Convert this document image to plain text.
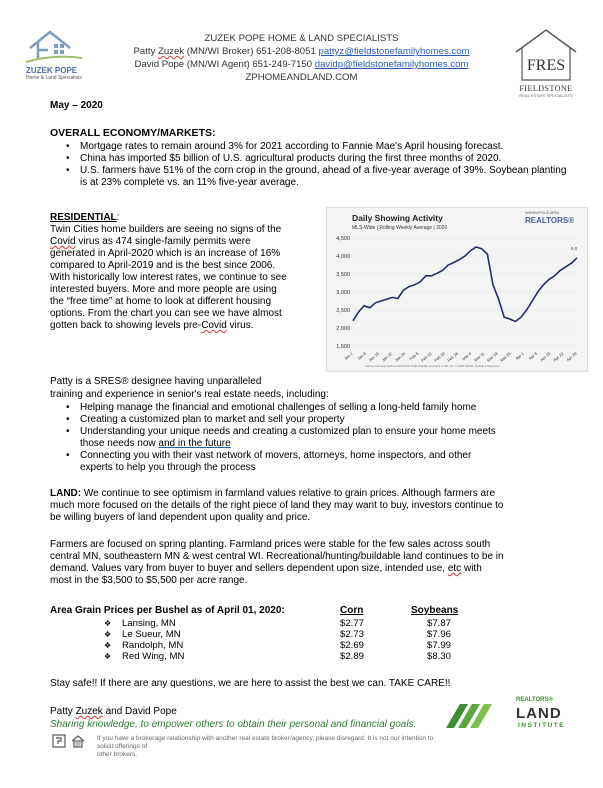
ZUZEK POPE HOME & LAND SPECIALISTS
Patty Zuzek (MN/WI Broker) 651-208-8051 pattyz@fieldstonefamilyhomes.com
David Pope (MN/WI Agent) 651-249-7150 davidp@fieldstonefamilyhomes.com
ZPHOMEANDLAND.COM
ZUZEK POPE
Home & Land Specialists
FRES
FIELDSTONE
REAL ESTATE SPECIALISTS
May – 2020
OVERALL ECONOMY/MARKETS:
• Mortgage rates to remain around 3% for 2021 according to Fannie Mae's April housing forecast.
• China has imported $5 billion of U.S. agricultural products during the first three months of 2020.
• U.S. farmers have 51% of the corn crop in the ground, ahead of a five-year average of 39%. Soybean planting is at 23% complete vs. an 11% five-year average.
RESIDENTIAL:
Twin Cities home builders are seeing no signs of the
Covid virus as 474 single-family permits were
generated in April-2020 which is an increase of 16%
compared to April-2019 and is the best since 2006.
With historically low interest rates, we continue to see
interested buyers. More and more people are using
the “free time” at home to look at different housing
options. From the chart you can see we have almost
gotten back to showing levels pre-Covid virus.
Daily Showing Activity
MLS-Wide | Rolling Weekly Average | 2020
MINNEAPOLIS AREA
REALTORS®
4,500
4,000
3,500
3,000
2,500
2,000
1,500
Jan 1 Jan 8 Jan 15 Jan 22 Jan 29 Feb 5 Feb 12 Feb 19 Feb 26 Mar 4 Mar 11 Mar 18 Mar 25 Apr 1 Apr 8 Apr 15 Apr 22 Apr 29
6.0
Source: MinneapolisArea SHOWINGTIME (MAAR) and MLS of MN, Inc. © 2020 MAAR. All Rights Reserved.
Patty is a SRES® designee having unparalleled
training and experience in senior's real estate needs, including:
• Helping manage the financial and emotional challenges of selling a long-held family home
• Creating a customized plan to market and sell your property
• Understanding your unique needs and creating a customized plan to ensure your home meets
those needs now and in the future
• Connecting you with their vast network of movers, attorneys, home inspectors, and other
experts to help you through the process
LAND: We continue to see optimism in farmland values relative to grain prices. Although farmers are
much more focused on the details of the right piece of land they may want to buy, investors continue to
be willing buyers of land dependent upon quality and price.
Farmers are focused on spring planting. Farmland prices were stable for the few sales across south
central MN, southeastern MN & west central WI. Recreational/hunting/buildable land continues to be in
demand. Values vary from buyer to buyer and sellers dependent upon size, intended use, etc with
most in the $3,500 to $5,500 per acre range.
Area Grain Prices per Bushel as of April 01, 2020:	Corn	Soybeans
❖ Lansing, MN	$2.77	$7.87
❖ Le Sueur, MN	$2.73	$7.96
❖ Randolph, MN	$2.69	$7.99
❖ Red Wing, MN	$2.89	$8.30
Stay safe!! If there are any questions, we are here to assist the best we can. TAKE CARE!!
Patty Zuzek and David Pope
Sharing knowledge, to empower others to obtain their personal and financial goals.
If you have a brokerage relationship with another real estate broker/agency, please disregard. It is not our intention to solicit offerings of
other brokers.
REALTORS®
LAND
INSTITUTE
